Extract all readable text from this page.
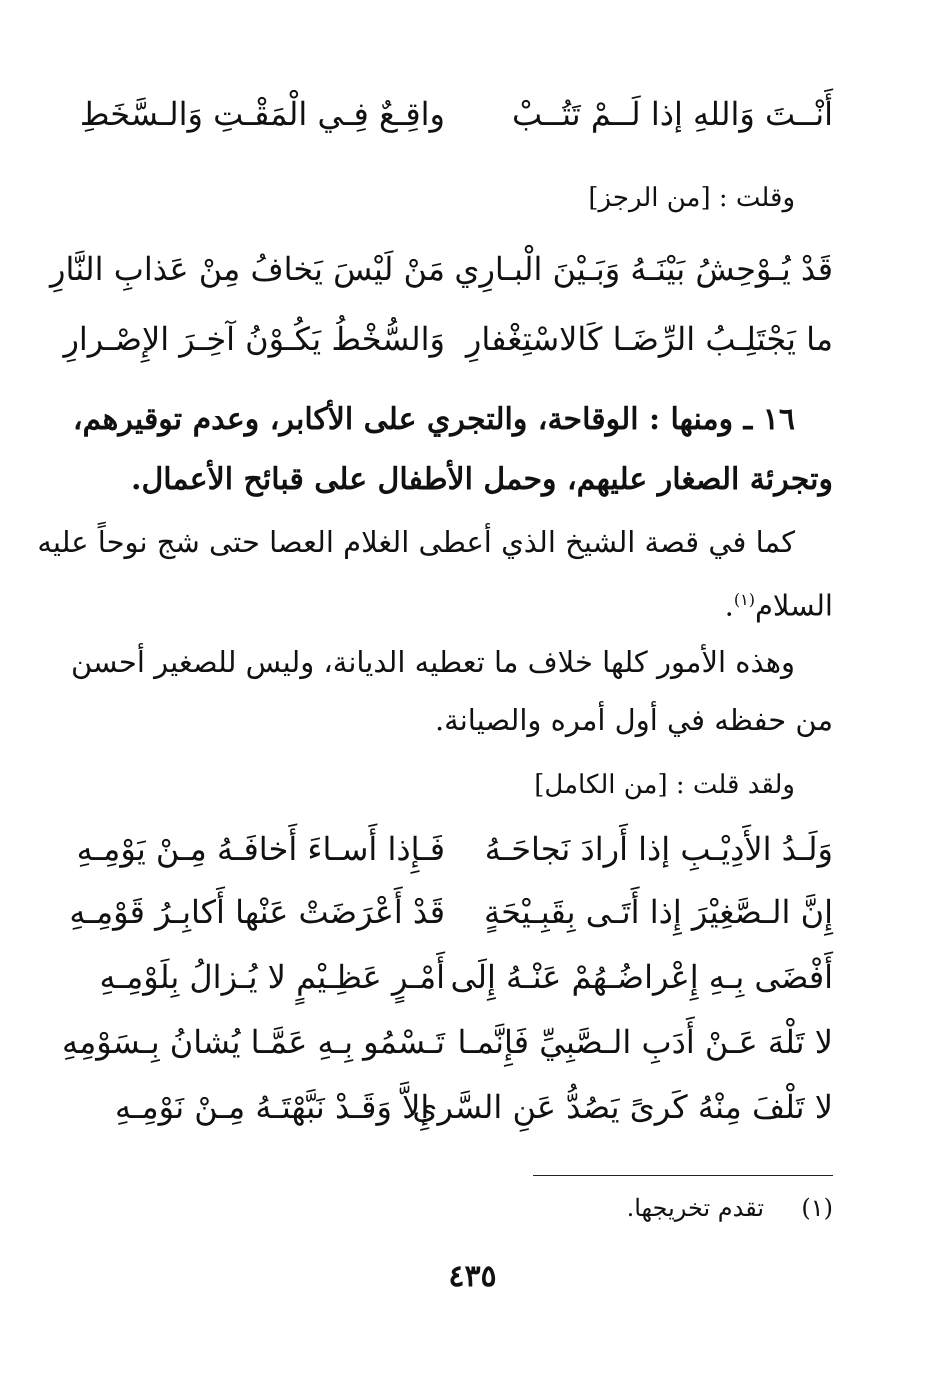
أَنْــتَ وَاللهِ إذا لَــمْ تَتُــبْ
واقِـعٌ فِـي الْمَقْـتِ وَالـسَّخَطِ
وقلت : [من الرجز]
قَدْ يُـوْحِشُ بَيْنَـهُ وَبَـيْنَ الْبـارِي
مَنْ لَيْسَ يَخافُ مِنْ عَذابِ النَّارِ
ما يَجْتَلِـبُ الرِّضَـا كَالاسْتِغْفارِ
وَالسُّخْطُ يَكُـوْنُ آخِـرَ الإِصْـرارِ
١٦ ـ ومنها : الوقاحة، والتجري على الأكابر، وعدم توقيرهم،
وتجرئة الصغار عليهم، وحمل الأطفال على قبائح الأعمال.
كما في قصة الشيخ الذي أعطى الغلام العصا حتى شج نوحاً عليه
السلام$^{(١)}$.
وهذه الأمور كلها خلاف ما تعطيه الديانة، وليس للصغير أحسن
من حفظه في أول أمره والصيانة.
ولقد قلت : [من الكامل]
وَلَـدُ الأَدِيْـبِ إذا أَرادَ نَجاحَـهُ
فَـإِذا أَسـاءَ أَخافَـهُ مِـنْ يَوْمِـهِ
إِنَّ الـصَّغِيْرَ إِذا أَتَـى بِقَبِـيْحَةٍ
قَدْ أَعْرَضَتْ عَنْها أَكابِـرُ قَوْمِـهِ
أَفْضَى بِـهِ إِعْراضُـهُمْ عَنْـهُ إِلَى
أَمْـرٍ عَظِـيْمٍ لا يُـزالُ بِلَوْمِـهِ
لا تَلْهَ عَـنْ أَدَبِ الـصَّبِيِّ فَإِنَّمـا
تَـسْمُو بِـهِ عَمَّـا يُشانُ بِـسَوْمِهِ
لا تَلْفَ مِنْهُ كَرىً يَصُدُّ عَنِ السَّرى
إِلاَّ وَقَـدْ نَبَّهْتَـهُ مِـنْ نَوْمِـهِ
(١)  تقدم تخريجها.
٤٣٥
